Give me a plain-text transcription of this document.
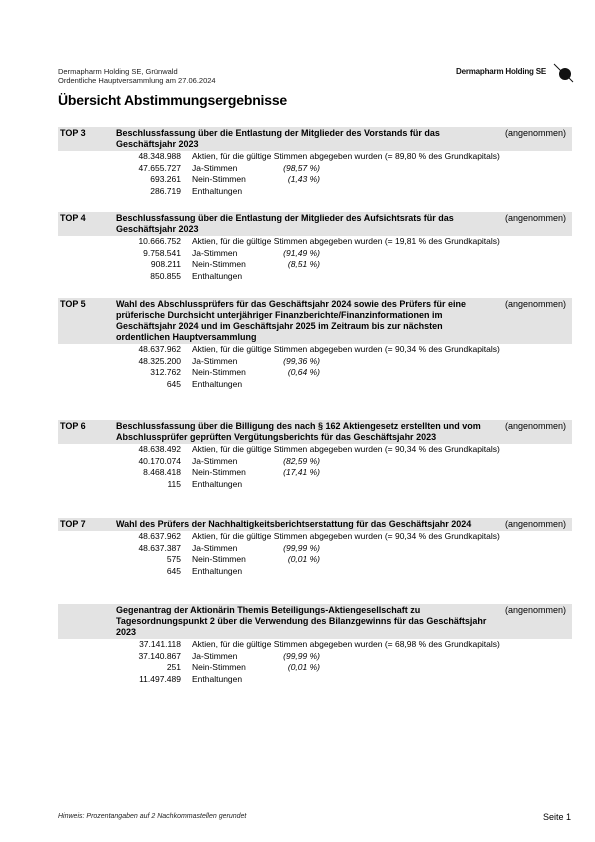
Dermapharm Holding SE, Grünwald
Ordentliche Hauptversammlung am 27.06.2024
Dermapharm Holding SE
Übersicht Abstimmungsergebnisse
TOP 3	Beschlussfassung über die Entlastung der Mitglieder des Vorstands für das Geschäftsjahr 2023
(angenommen)
48.348.988 Aktien, für die gültige Stimmen abgegeben wurden (= 89,80 % des Grundkapitals)
47.655.727 Ja-Stimmen	(98,57 %)
693.261 Nein-Stimmen	(1,43 %)
286.719 Enthaltungen
TOP 4	Beschlussfassung über die Entlastung der Mitglieder des Aufsichtsrats für das Geschäftsjahr 2023
(angenommen)
10.666.752 Aktien, für die gültige Stimmen abgegeben wurden (= 19,81 % des Grundkapitals)
9.758.541 Ja-Stimmen	(91,49 %)
908.211 Nein-Stimmen	(8,51 %)
850.855 Enthaltungen
TOP 5	Wahl des Abschlussprüfers für das Geschäftsjahr 2024 sowie des Prüfers für eine prüferische Durchsicht unterjähriger Finanzberichte/Finanzinformationen im Geschäftsjahr 2024 und im Geschäftsjahr 2025 im Zeitraum bis zur nächsten ordentlichen Hauptversammlung
(angenommen)
48.637.962 Aktien, für die gültige Stimmen abgegeben wurden (= 90,34 % des Grundkapitals)
48.325.200 Ja-Stimmen	(99,36 %)
312.762 Nein-Stimmen	(0,64 %)
645 Enthaltungen
TOP 6	Beschlussfassung über die Billigung des nach § 162 Aktiengesetz erstellten und vom Abschlussprüfer geprüften Vergütungsberichts für das Geschäftsjahr 2023
(angenommen)
48.638.492 Aktien, für die gültige Stimmen abgegeben wurden (= 90,34 % des Grundkapitals)
40.170.074 Ja-Stimmen	(82,59 %)
8.468.418 Nein-Stimmen	(17,41 %)
115 Enthaltungen
TOP 7	Wahl des Prüfers der Nachhaltigkeitsberichtserstattung für das Geschäftsjahr 2024	(angenommen)
48.637.962 Aktien, für die gültige Stimmen abgegeben wurden (= 90,34 % des Grundkapitals)
48.637.387 Ja-Stimmen	(99,99 %)
575 Nein-Stimmen	(0,01 %)
645 Enthaltungen
Gegenantrag der Aktionärin Themis Beteiligungs-Aktiengesellschaft zu Tagesordnungspunkt 2 über die Verwendung des Bilanzgewinns für das Geschäftsjahr 2023
(angenommen)
37.141.118 Aktien, für die gültige Stimmen abgegeben wurden (= 68,98 % des Grundkapitals)
37.140.867 Ja-Stimmen	(99,99 %)
251 Nein-Stimmen	(0,01 %)
11.497.489 Enthaltungen
Hinweis: Prozentangaben auf 2 Nachkommastellen gerundet	Seite 1
